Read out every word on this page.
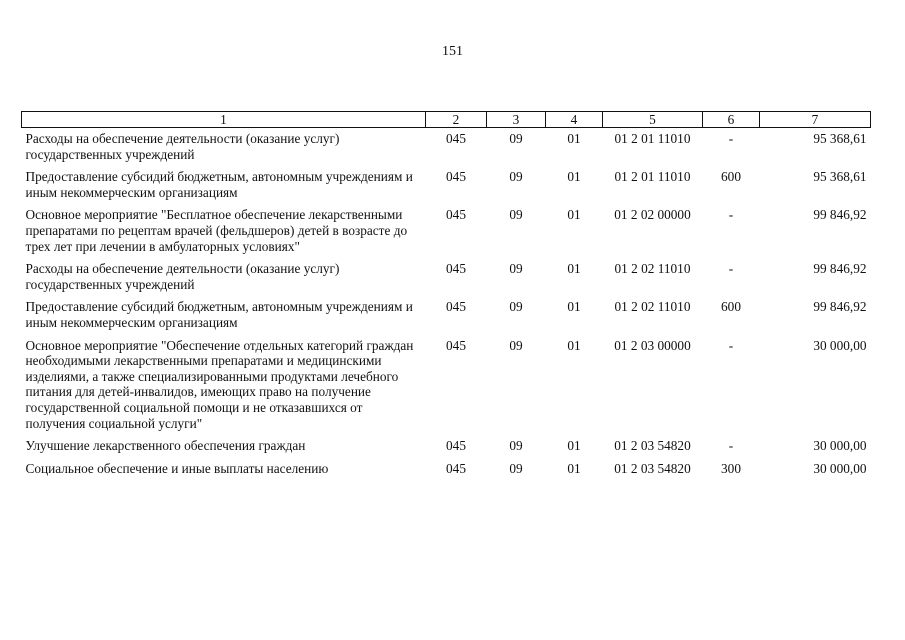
151
1	2	3	4	5	6	7
Расходы на обеспечение деятельности (оказание услуг) государственных учреждений	045	09	01	01 2 01 11010	-	95 368,61
Предоставление субсидий бюджетным, автономным учреждениям и иным некоммерческим организациям	045	09	01	01 2 01 11010	600	95 368,61
Основное мероприятие "Бесплатное обеспечение лекарственными препаратами по рецептам врачей (фельдшеров) детей в возрасте до трех лет при лечении в амбулаторных условиях"	045	09	01	01 2 02 00000	-	99 846,92
Расходы на обеспечение деятельности (оказание услуг) государственных учреждений	045	09	01	01 2 02 11010	-	99 846,92
Предоставление субсидий бюджетным, автономным учреждениям и иным некоммерческим организациям	045	09	01	01 2 02 11010	600	99 846,92
Основное мероприятие "Обеспечение отдельных категорий граждан необходимыми лекарственными препаратами и медицинскими изделиями, а также специализированными продуктами лечебного питания для детей-инвалидов, имеющих право на получение государственной социальной помощи и не отказавшихся от получения социальной услуги"	045	09	01	01 2 03 00000	-	30 000,00
Улучшение лекарственного обеспечения граждан	045	09	01	01 2 03 54820	-	30 000,00
Социальное обеспечение и иные выплаты населению	045	09	01	01 2 03 54820	300	30 000,00
